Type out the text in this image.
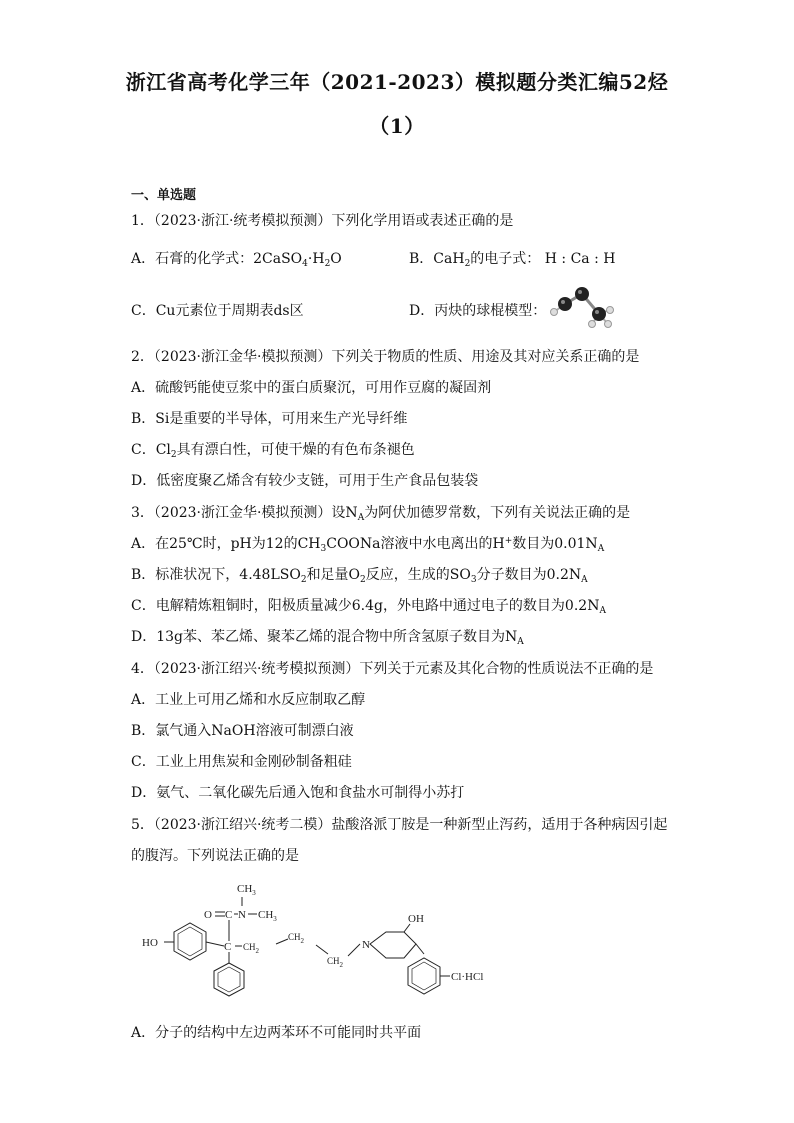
浙江省高考化学三年（2021-2023）模拟题分类汇编52烃
（1）
一、单选题
1．（2023·浙江·统考模拟预测）下列化学用语或表述正确的是
A．石膏的化学式：$2CaSO_4\cdot H_2O$	B．CaH$_2$的电子式： H : Ca : H
C．Cu元素位于周期表ds区	D．丙炔的球棍模型：
2．（2023·浙江金华·模拟预测）下列关于物质的性质、用途及其对应关系正确的是
A．硫酸钙能使豆浆中的蛋白质聚沉，可用作豆腐的凝固剂
B．Si是重要的半导体，可用来生产光导纤维
C．$Cl_2$具有漂白性，可使干燥的有色布条褪色
D．低密度聚乙烯含有较少支链，可用于生产食品包装袋
3．（2023·浙江金华·模拟预测）设$N_A$为阿伏加德罗常数，下列有关说法正确的是
A．在25℃时，pH为12的$CH_3COONa$溶液中水电离出的H+数目为$0.01N_A$
B．标准状况下，$4.48LSO_2$和足量$O_2$反应，生成的$SO_3$分子数目为$0.2N_A$
C．电解精炼粗铜时，阳极质量减少6.4g，外电路中通过电子的数目为$0.2N_A$
D．13g苯、苯乙烯、聚苯乙烯的混合物中所含氢原子数目为$N_A$
4．（2023·浙江绍兴·统考模拟预测）下列关于元素及其化合物的性质说法不正确的是
A．工业上可用乙烯和水反应制取乙醇
B．氯气通入NaOH溶液可制漂白液
C．工业上用焦炭和金刚砂制备粗硅
D．氨气、二氧化碳先后通入饱和食盐水可制得小苏打
5．（2023·浙江绍兴·统考二模）盐酸洛派丁胺是一种新型止泻药，适用于各种病因引起
的腹泻。下列说法正确的是
$CH_3$
O C N $CH_3$
HO	C $CH_2$
$CH_2$
$CH_2$
N
OH
Cl·HCl
A．分子的结构中左边两苯环不可能同时共平面
